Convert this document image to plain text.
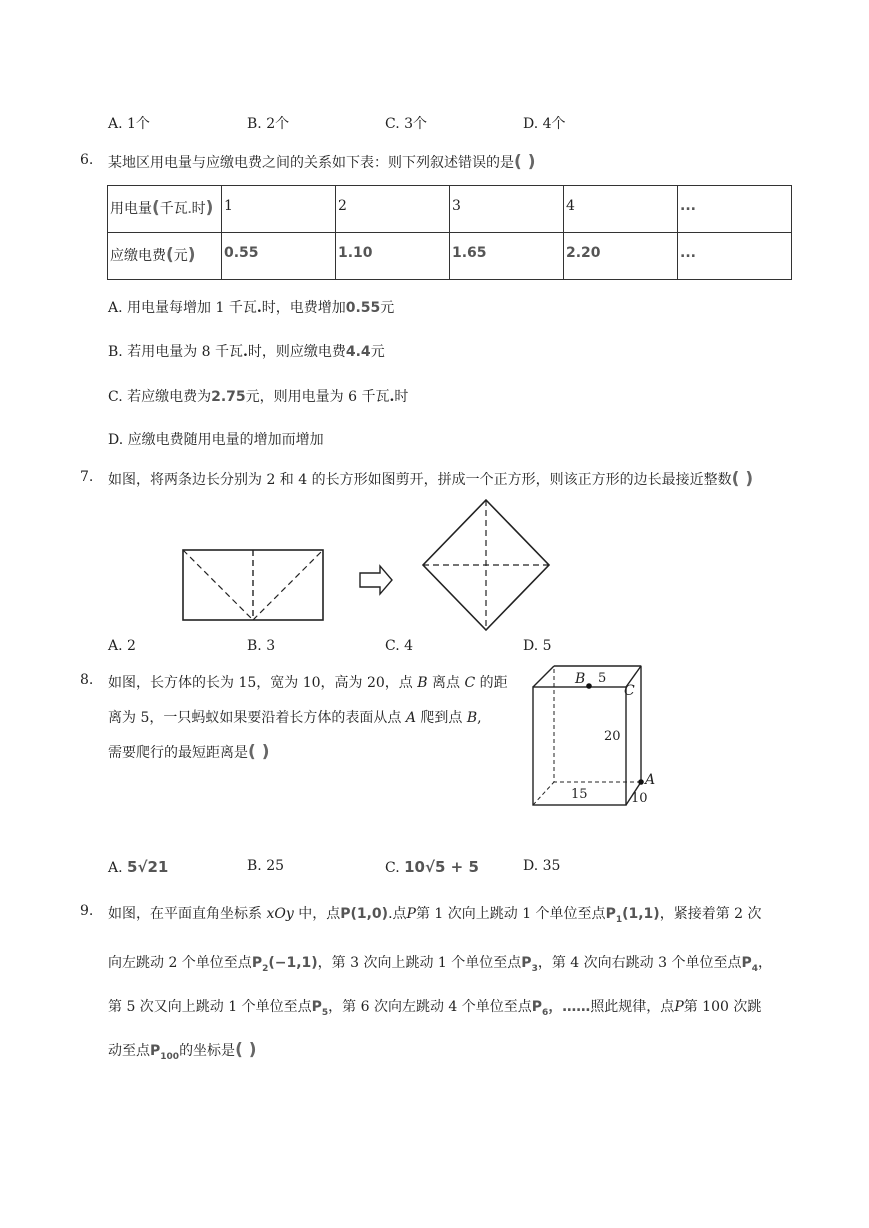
A. 1个	B. 2个	C. 3个	D. 4个
6. 某地区用电量与应缴电费之间的关系如下表：则下列叙述错误的是( )
用电量(千瓦.时)	1	2	3	4	...
应缴电费(元)	0.55	1.10	1.65	2.20	...
A. 用电量每增加 1 千瓦.时，电费增加0.55元
B. 若用电量为 8 千瓦.时，则应缴电费4.4元
C. 若应缴电费为2.75元，则用电量为 6 千瓦.时
D. 应缴电费随用电量的增加而增加
7. 如图，将两条边长分别为 2 和 4 的长方形如图剪开，拼成一个正方形，则该正方形的边长最接近整数( )
A. 2	B. 3	C. 4	D. 5
8. 如图，长方体的长为 15，宽为 10，高为 20，点 B 离点 C 的距
离为 5，一只蚂蚁如果要沿着长方体的表面从点 A 爬到点 B,
需要爬行的最短距离是( )
B 5
C
20
A
15	10
A. 5√21	B. 25	C. 10√5 + 5	D. 35
9. 如图，在平面直角坐标系 xOy 中，点P(1,0).点P第 1 次向上跳动 1 个单位至点$P_1(1,1)$，紧接着第 2 次
向左跳动 2 个单位至点$P_2(-1,1)$，第 3 次向上跳动 1 个单位至点$P_3$，第 4 次向右跳动 3 个单位至点$P_4$，
第 5 次又向上跳动 1 个单位至点$P_5$，第 6 次向左跳动 4 个单位至点$P_6$，……照此规律，点P第 100 次跳
动至点$P_{100}$的坐标是( )
